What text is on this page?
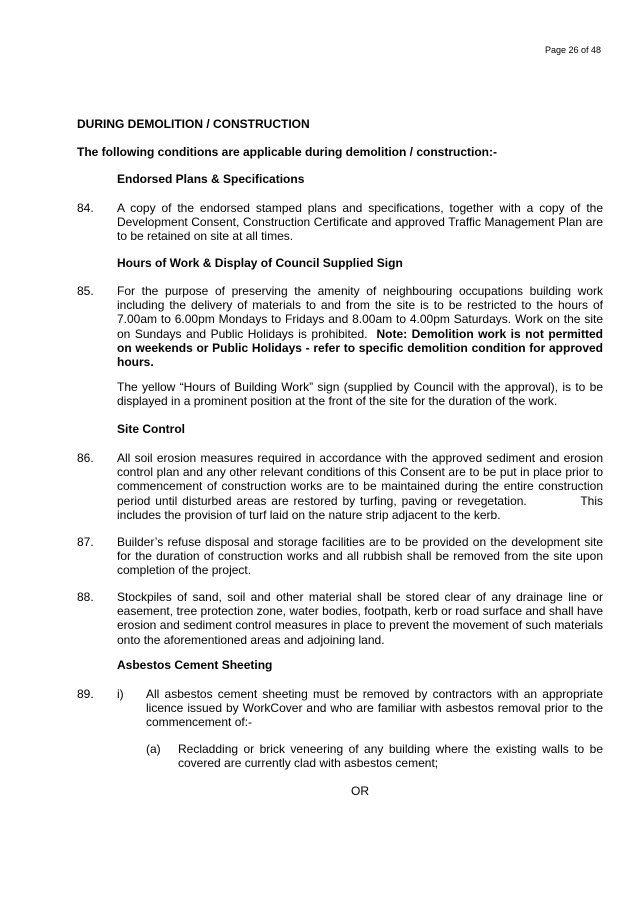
Page 26 of 48
DURING DEMOLITION / CONSTRUCTION
The following conditions are applicable during demolition / construction:-
Endorsed Plans & Specifications
84. A copy of the endorsed stamped plans and specifications, together with a copy of the Development Consent, Construction Certificate and approved Traffic Management Plan are to be retained on site at all times.

Hours of Work & Display of Council Supplied Sign
85. For the purpose of preserving the amenity of neighbouring occupations building work including the delivery of materials to and from the site is to be restricted to the hours of 7.00am to 6.00pm Mondays to Fridays and 8.00am to 4.00pm Saturdays. Work on the site on Sundays and Public Holidays is prohibited. Note: Demolition work is not permitted on weekends or Public Holidays - refer to specific demolition condition for approved hours.

The yellow “Hours of Building Work” sign (supplied by Council with the approval), is to be displayed in a prominent position at the front of the site for the duration of the work.

Site Control
86. All soil erosion measures required in accordance with the approved sediment and erosion control plan and any other relevant conditions of this Consent are to be put in place prior to commencement of construction works are to be maintained during the entire construction period until disturbed areas are restored by turfing, paving or revegetation.	This includes the provision of turf laid on the nature strip adjacent to the kerb.

87. Builder’s refuse disposal and storage facilities are to be provided on the development site for the duration of construction works and all rubbish shall be removed from the site upon completion of the project.

88. Stockpiles of sand, soil and other material shall be stored clear of any drainage line or easement, tree protection zone, water bodies, footpath, kerb or road surface and shall have erosion and sediment control measures in place to prevent the movement of such materials onto the aforementioned areas and adjoining land.

Asbestos Cement Sheeting
89. i) All asbestos cement sheeting must be removed by contractors with an appropriate licence issued by WorkCover and who are familiar with asbestos removal prior to the commencement of:-

(a) Recladding or brick veneering of any building where the existing walls to be covered are currently clad with asbestos cement;

OR
